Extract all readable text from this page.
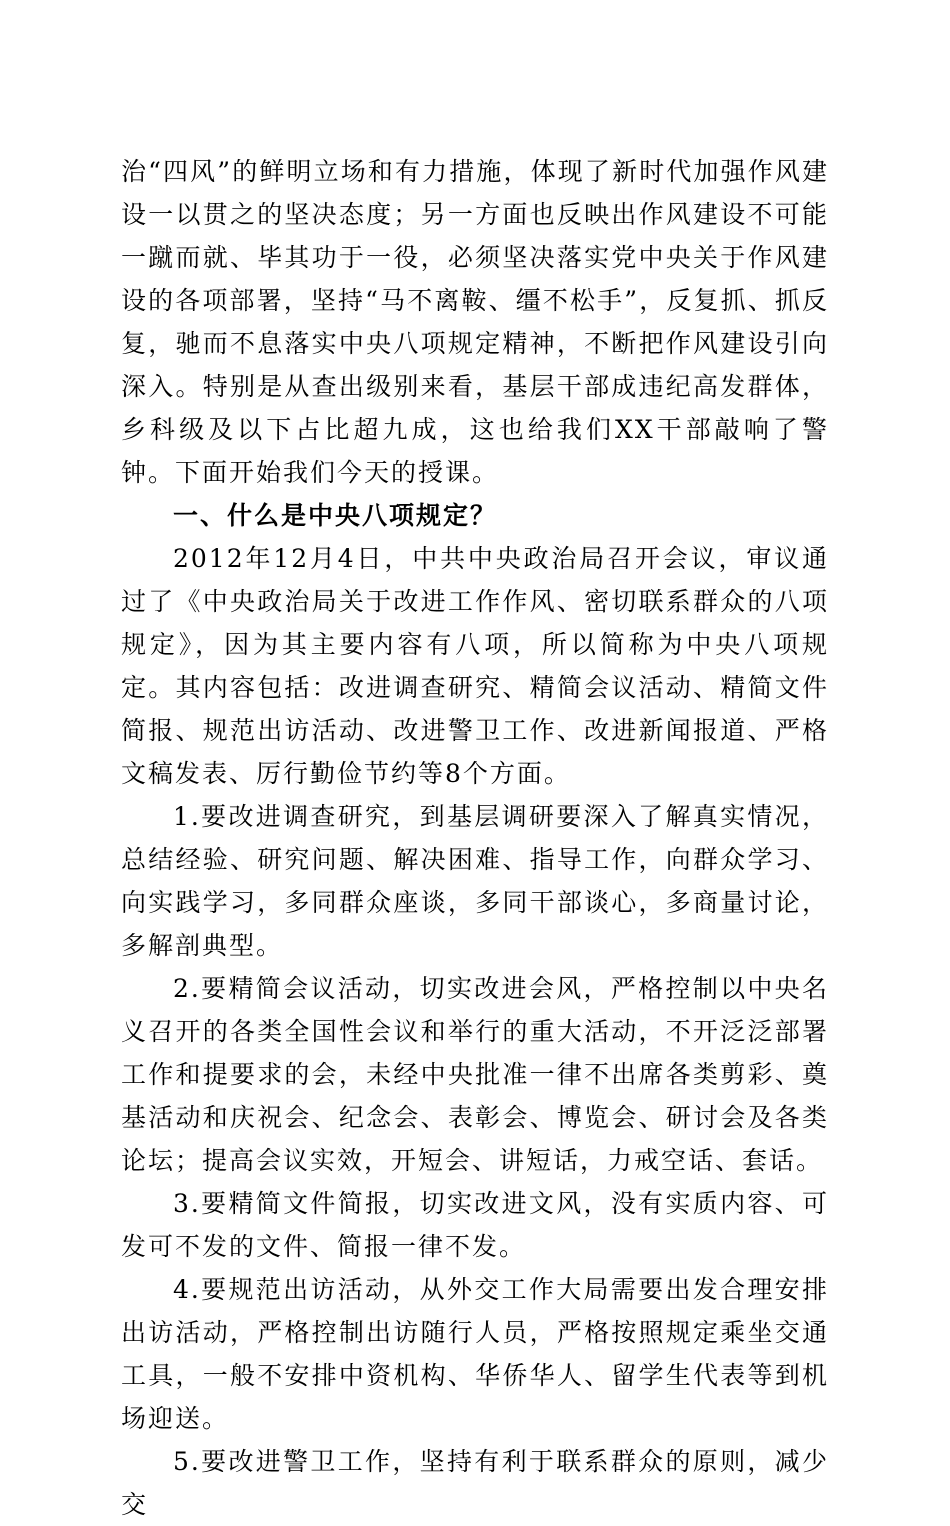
治“四风”的鲜明立场和有力措施，体现了新时代加强作风建设一以贯之的坚决态度；另一方面也反映出作风建设不可能一蹴而就、毕其功于一役，必须坚决落实党中央关于作风建设的各项部署，坚持“马不离鞍、缰不松手”，反复抓、抓反复，驰而不息落实中央八项规定精神，不断把作风建设引向深入。特别是从查出级别来看，基层干部成违纪高发群体，乡科级及以下占比超九成，这也给我们XX干部敲响了警钟。下面开始我们今天的授课。

一、什么是中央八项规定？

2012年12月4日，中共中央政治局召开会议，审议通过了《中央政治局关于改进工作作风、密切联系群众的八项规定》，因为其主要内容有八项，所以简称为中央八项规定。其内容包括：改进调查研究、精简会议活动、精简文件简报、规范出访活动、改进警卫工作、改进新闻报道、严格文稿发表、厉行勤俭节约等8个方面。

1.要改进调查研究，到基层调研要深入了解真实情况，总结经验、研究问题、解决困难、指导工作，向群众学习、向实践学习，多同群众座谈，多同干部谈心，多商量讨论，多解剖典型。

2.要精简会议活动，切实改进会风，严格控制以中央名义召开的各类全国性会议和举行的重大活动，不开泛泛部署工作和提要求的会，未经中央批准一律不出席各类剪彩、奠基活动和庆祝会、纪念会、表彰会、博览会、研讨会及各类论坛；提高会议实效，开短会、讲短话，力戒空话、套话。

3.要精简文件简报，切实改进文风，没有实质内容、可发可不发的文件、简报一律不发。

4.要规范出访活动，从外交工作大局需要出发合理安排出访活动，严格控制出访随行人员，严格按照规定乘坐交通工具，一般不安排中资机构、华侨华人、留学生代表等到机场迎送。

5.要改进警卫工作，坚持有利于联系群众的原则，减少交
